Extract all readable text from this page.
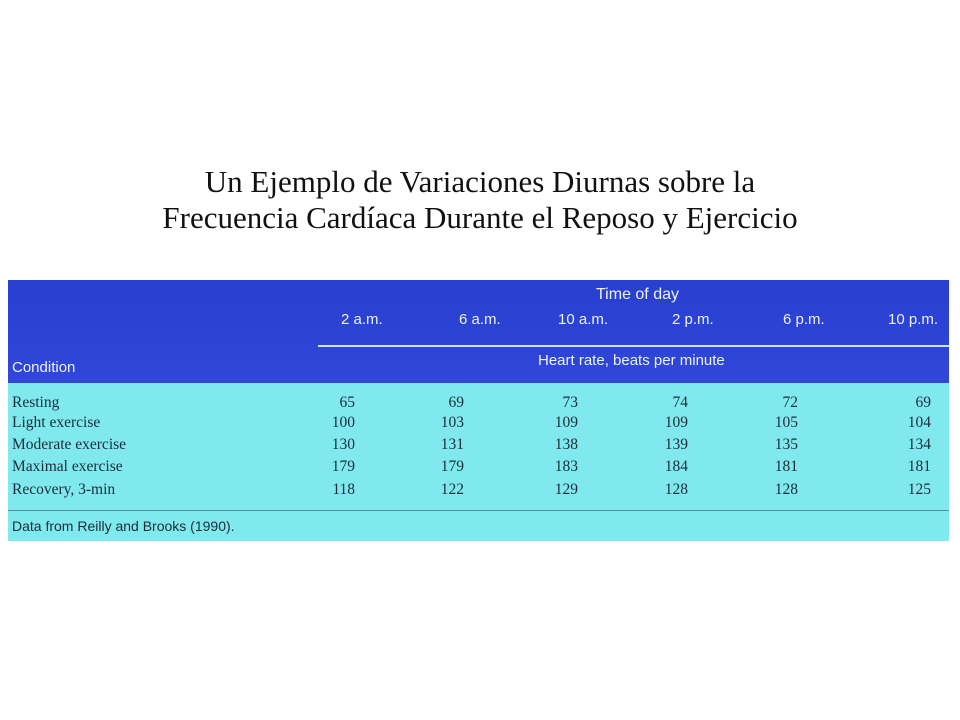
Un Ejemplo de Variaciones Diurnas sobre la
Frecuencia Cardíaca Durante el Reposo y Ejercicio
Time of day
2 a.m.	6 a.m.	10 a.m.	2 p.m.	6 p.m.	10 p.m.
Heart rate, beats per minute
Condition
Resting	65	69	73	74	72	69
Light exercise	100	103	109	109	105	104
Moderate exercise	130	131	138	139	135	134
Maximal exercise	179	179	183	184	181	181
Recovery, 3-min	118	122	129	128	128	125
Data from Reilly and Brooks (1990).
